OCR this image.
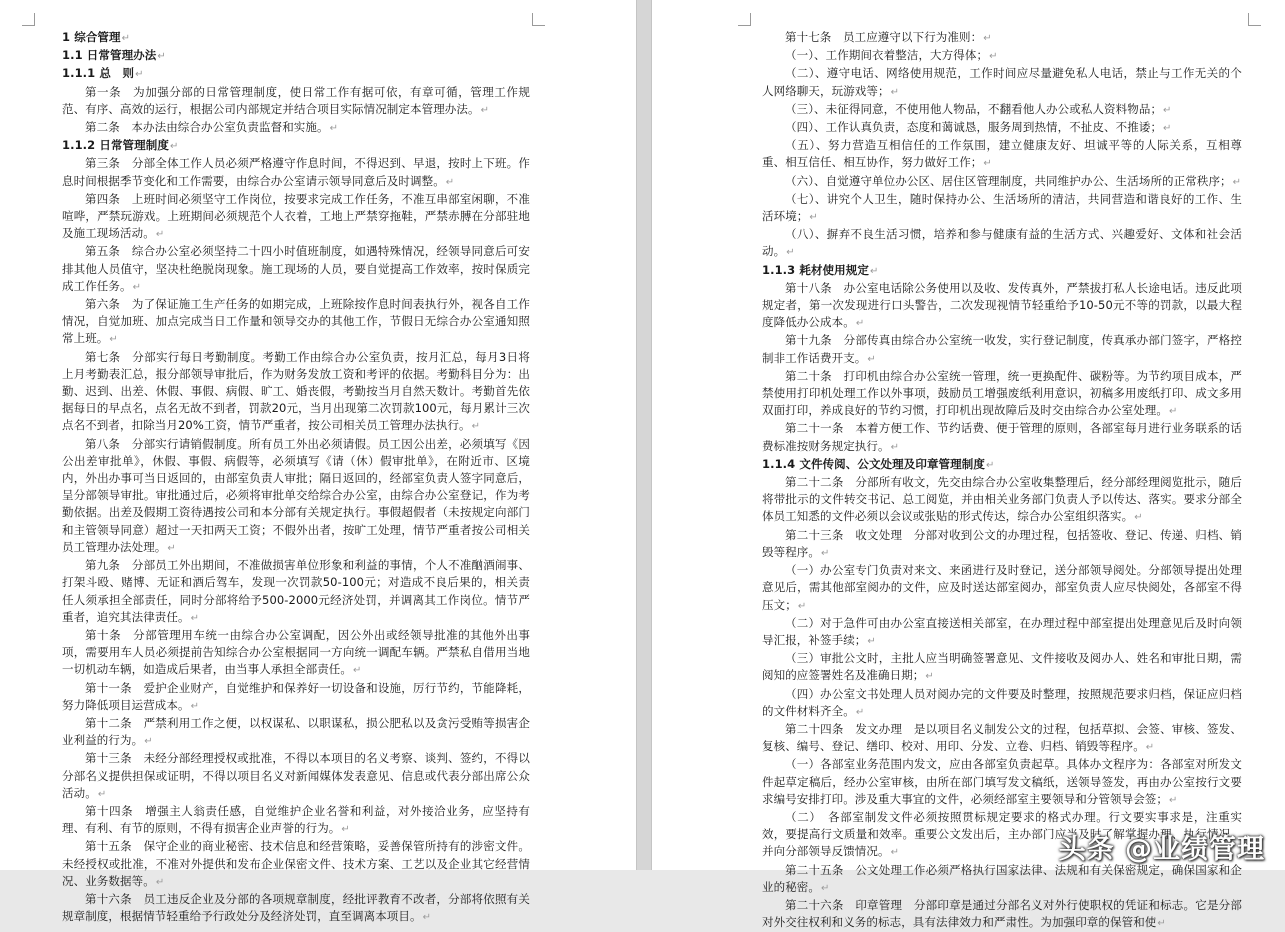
1 综合管理↵

1.1 日常管理办法↵

1.1.1 总　则↵

第一条　为加强分部的日常管理制度，使日常工作有据可依，有章可循，管理工作规范、有序、高效的运行，根据公司内部规定并结合项目实际情况制定本管理办法。↵

第二条　本办法由综合办公室负责监督和实施。↵

1.1.2 日常管理制度↵

第三条　分部全体工作人员必须严格遵守作息时间，不得迟到、早退，按时上下班。作息时间根据季节变化和工作需要，由综合办公室请示领导同意后及时调整。↵

第四条　上班时间必须坚守工作岗位，按要求完成工作任务，不准互串部室闲聊，不准喧哗，严禁玩游戏。上班期间必须规范个人衣着，工地上严禁穿拖鞋，严禁赤膊在分部驻地及施工现场活动。↵

第五条　综合办公室必须坚持二十四小时值班制度，如遇特殊情况，经领导同意后可安排其他人员值守，坚决杜绝脱岗现象。施工现场的人员，要自觉提高工作效率，按时保质完成工作任务。↵

第六条　为了保证施工生产任务的如期完成，上班除按作息时间表执行外，视各自工作情况，自觉加班、加点完成当日工作量和领导交办的其他工作，节假日无综合办公室通知照常上班。↵

第七条　分部实行每日考勤制度。考勤工作由综合办公室负责，按月汇总，每月3日将上月考勤表汇总，报分部领导审批后，作为财务发放工资和考评的依据。考勤科目分为：出勤、迟到、出差、休假、事假、病假、旷工、婚丧假，考勤按当月自然天数计。考勤首先依据每日的早点名，点名无故不到者，罚款20元，当月出现第二次罚款100元，每月累计三次点名不到者，扣除当月20%工资，情节严重者，按公司相关员工管理办法执行。↵

第八条　分部实行请销假制度。所有员工外出必须请假。员工因公出差，必须填写《因公出差审批单》，休假、事假、病假等，必须填写《请（休）假审批单》，在附近市、区境内，外出办事可当日返回的，由部室负责人审批；隔日返回的，经部室负责人签字同意后，呈分部领导审批。审批通过后，必须将审批单交给综合办公室，由综合办公室登记，作为考勤依据。出差及假期工资待遇按公司和本分部有关规定执行。事假超假者（未按规定向部门和主管领导同意）超过一天扣两天工资；不假外出者，按旷工处理，情节严重者按公司相关员工管理办法处理。↵

第九条　分部员工外出期间，不准做损害单位形象和利益的事情，个人不准酗酒闹事、打架斗殴、赌博、无证和酒后驾车，发现一次罚款50-100元；对造成不良后果的，相关责任人须承担全部责任，同时分部将给予500-2000元经济处罚，并调离其工作岗位。情节严重者，追究其法律责任。↵

第十条　分部管理用车统一由综合办公室调配，因公外出或经领导批准的其他外出事项，需要用车人员必须提前告知综合办公室根据同一方向统一调配车辆。严禁私自借用当地一切机动车辆，如造成后果者，由当事人承担全部责任。↵

第十一条　爱护企业财产，自觉维护和保养好一切设备和设施，厉行节约，节能降耗，努力降低项目运营成本。↵

第十二条　严禁利用工作之便，以权谋私、以职谋私，损公肥私以及贪污受贿等损害企业利益的行为。↵

第十三条　未经分部经理授权或批准，不得以本项目的名义考察、谈判、签约，不得以分部名义提供担保或证明，不得以项目名义对新闻媒体发表意见、信息或代表分部出席公众活动。↵

第十四条　增强主人翁责任感，自觉维护企业名誉和利益，对外接洽业务，应坚持有理、有利、有节的原则，不得有损害企业声誉的行为。↵

第十五条　保守企业的商业秘密、技术信息和经营策略，妥善保管所持有的涉密文件。未经授权或批准，不准对外提供和发布企业保密文件、技术方案、工艺以及企业其它经营情况、业务数据等。↵

第十六条　员工违反企业及分部的各项规章制度，经批评教育不改者，分部将依照有关规章制度，根据情节轻重给予行政处分及经济处罚，直至调离本项目。↵

第十七条　员工应遵守以下行为准则：↵

（一）、工作期间衣着整洁，大方得体；↵

（二）、遵守电话、网络使用规范，工作时间应尽量避免私人电话，禁止与工作无关的个人网络聊天，玩游戏等；↵

（三）、未征得同意，不使用他人物品，不翻看他人办公或私人资料物品；↵

（四）、工作认真负责，态度和蔼诚恳，服务周到热情，不扯皮、不推诿；↵

（五）、努力营造互相信任的工作氛围，建立健康友好、坦诚平等的人际关系，互相尊重、相互信任、相互协作，努力做好工作；↵

（六）、自觉遵守单位办公区、居住区管理制度，共同维护办公、生活场所的正常秩序；↵

（七）、讲究个人卫生，随时保持办公、生活场所的清洁，共同营造和谐良好的工作、生活环境；↵

（八）、摒弃不良生活习惯，培养和参与健康有益的生活方式、兴趣爱好、文体和社会活动。↵

1.1.3 耗材使用规定↵

第十八条　办公室电话除公务使用以及收、发传真外，严禁拔打私人长途电话。违反此项规定者，第一次发现进行口头警告，二次发现视情节轻重给予10-50元不等的罚款，以最大程度降低办公成本。↵

第十九条　分部传真由综合办公室统一收发，实行登记制度，传真承办部门签字，严格控制非工作话费开支。↵

第二十条　打印机由综合办公室统一管理，统一更换配件、碳粉等。为节约项目成本，严禁使用打印机处理工作以外事项，鼓励员工增强废纸利用意识，初稿多用废纸打印、成文多用双面打印，养成良好的节约习惯，打印机出现故障后及时交由综合办公室处理。↵

第二十一条　本着方便工作、节约话费、便于管理的原则，各部室每月进行业务联系的话费标准按财务规定执行。↵

1.1.4 文件传阅、公文处理及印章管理制度↵

第二十二条　分部所有收文，先交由综合办公室收集整理后，经分部经理阅览批示，随后将带批示的文件转交书记、总工阅览，并由相关业务部门负责人予以传达、落实。要求分部全体员工知悉的文件必须以会议或张贴的形式传达，综合办公室组织落实。↵

第二十三条　收文处理　分部对收到公文的办理过程，包括签收、登记、传递、归档、销毁等程序。↵

（一）办公室专门负责对来文、来函进行及时登记，送分部领导阅处。分部领导提出处理意见后，需其他部室阅办的文件，应及时送达部室阅办，部室负责人应尽快阅处，各部室不得压文；↵

（二）对于急件可由办公室直接送相关部室，在办理过程中部室提出处理意见后及时向领导汇报，补签手续；↵

（三）审批公文时，主批人应当明确签署意见、文件接收及阅办人、姓名和审批日期，需阅知的应签署姓名及准确日期；↵

（四）办公室文书处理人员对阅办完的文件要及时整理，按照规范要求归档，保证应归档的文件材料齐全。↵

第二十四条　发文办理　是以项目名义制发公文的过程，包括草拟、会签、审核、签发、复核、编号、登记、缮印、校对、用印、分发、立卷、归档、销毁等程序。↵

（一）各部室业务范围内发文，应由各部室负责起草。具体办文程序为：各部室对所发文件起草定稿后，经办公室审核，由所在部门填写发文稿纸，送领导签发，再由办公室按行文要求编号安排打印。涉及重大事宜的文件，必须经部室主要领导和分管领导会签；↵

（二）　各部室制发文件必须按照贯标规定要求的格式办理。行文要实事求是，注重实效，要提高行文质量和效率。重要公文发出后，主办部门应当及时了解掌握办理、执行情况，并向分部领导反馈情况。↵

第二十五条　公文处理工作必须严格执行国家法律、法规和有关保密规定，确保国家和企业的秘密。↵

第二十六条　印章管理　分部印章是通过分部名义对外行使职权的凭证和标志。它是分部对外交往权利和义务的标志，具有法律效力和严肃性。为加强印章的保管和使↵

头条 @业绩管理
